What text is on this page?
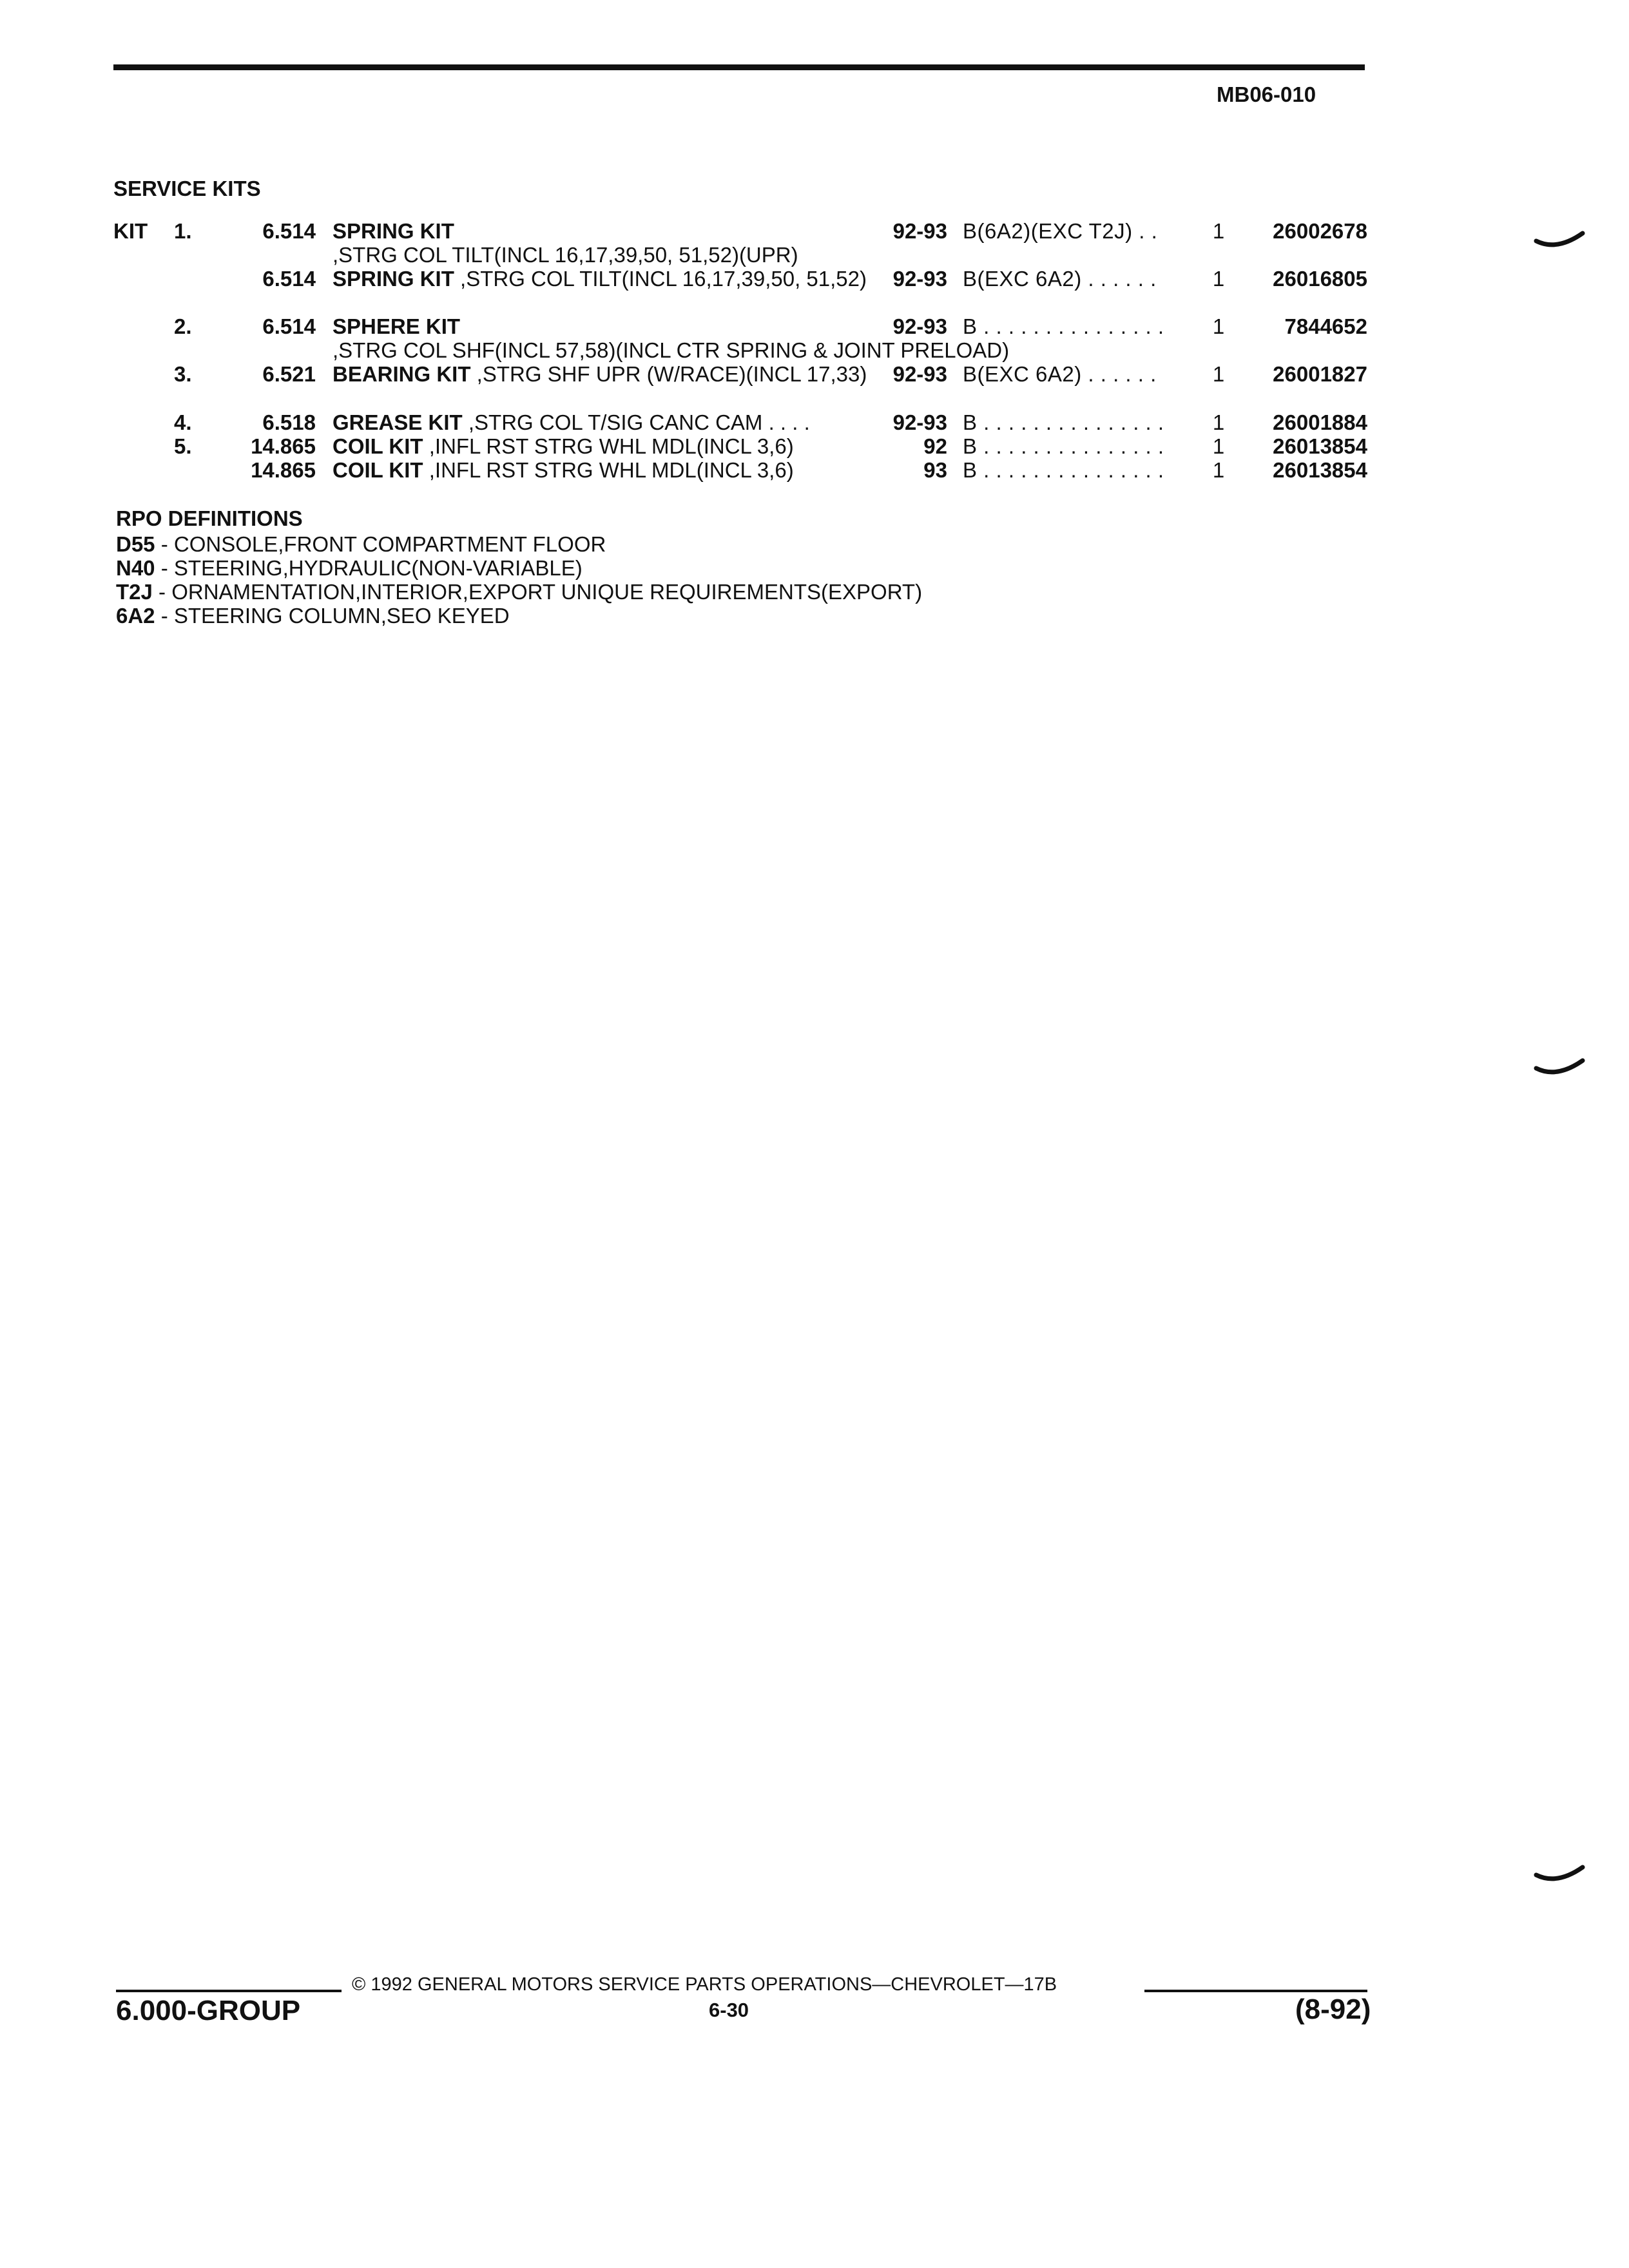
MB06-010
SERVICE KITS
KIT 1.	6.514 SPRING KIT ,STRG COL TILT(INCL 16,17,39,50, 51,52)(UPR)
92-93 B(6A2)(EXC T2J) . .	1	26002678
6.514 SPRING KIT ,STRG COL TILT(INCL 16,17,39,50, 51,52)	92-93 B(EXC 6A2) . . . . . .	1	26016805
2.	6.514 SPHERE KIT ,STRG COL SHF(INCL 57,58)(INCL CTR SPRING & JOINT PRELOAD)
92-93 B . . . . . . . . . . . . . . .	1	7844652
3.	6.521 BEARING KIT ,STRG SHF UPR (W/RACE)(INCL 17,33)	92-93 B(EXC 6A2) . . . . . .	1	26001827
4.	6.518 GREASE KIT ,STRG COL T/SIG CANC CAM . . . .	92-93 B . . . . . . . . . . . . . . .	1	26001884
5.	14.865 COIL KIT ,INFL RST STRG WHL MDL(INCL 3,6)	92 B . . . . . . . . . . . . . . .	1	26013854
14.865 COIL KIT ,INFL RST STRG WHL MDL(INCL 3,6)	93 B . . . . . . . . . . . . . . .	1	26013854
RPO DEFINITIONS
D55 - CONSOLE,FRONT COMPARTMENT FLOOR
N40 - STEERING,HYDRAULIC(NON-VARIABLE)
T2J - ORNAMENTATION,INTERIOR,EXPORT UNIQUE REQUIREMENTS(EXPORT)
6A2 - STEERING COLUMN,SEO KEYED
© 1992 GENERAL MOTORS SERVICE PARTS OPERATIONS—CHEVROLET—17B
6.000-GROUP	6-30	(8-92)
